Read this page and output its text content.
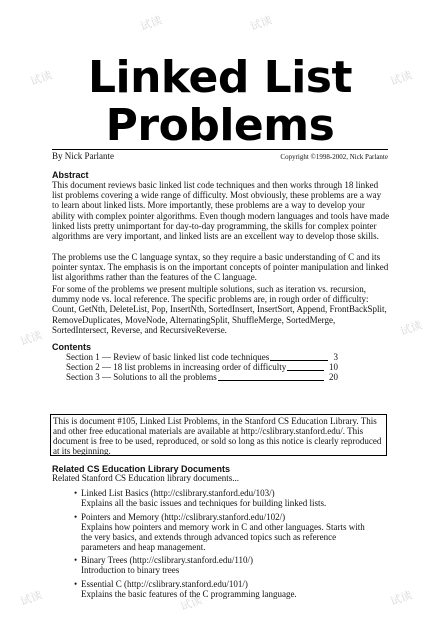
试读
试读	试读
试读
试读
试读
试读	试读	试读
Linked List
Problems
By Nick Parlante	Copyright ©1998-2002, Nick Parlante
Abstract
This document reviews basic linked list code techniques and then works through 18 linked list problems covering a wide range of difficulty. Most obviously, these problems are a way to learn about linked lists. More importantly, these problems are a way to develop your ability with complex pointer algorithms. Even though modern languages and tools have made linked lists pretty unimportant for day-to-day programming, the skills for complex pointer algorithms are very important, and linked lists are an excellent way to develop those skills.
The problems use the C language syntax, so they require a basic understanding of C and its pointer syntax. The emphasis is on the important concepts of pointer manipulation and linked list algorithms rather than the features of the C language.
For some of the problems we present multiple solutions, such as iteration vs. recursion, dummy node vs. local reference. The specific problems are, in rough order of difficulty: Count, GetNth, DeleteList, Pop, InsertNth, SortedInsert, InsertSort, Append, FrontBackSplit, RemoveDuplicates, MoveNode, AlternatingSplit, ShuffleMerge, SortedMerge, SortedIntersect, Reverse, and RecursiveReverse.
Contents
Section 1 — Review of basic linked list code techniques	3
Section 2 — 18 list problems in increasing order of difficulty	10
Section 3 — Solutions to all the problems	20
This is document #105, Linked List Problems, in the Stanford CS Education Library. This and other free educational materials are available at http://cslibrary.stanford.edu/. This document is free to be used, reproduced, or sold so long as this notice is clearly reproduced at its beginning.
Related CS Education Library Documents
Related Stanford CS Education library documents...
• Linked List Basics (http://cslibrary.stanford.edu/103/)
Explains all the basic issues and techniques for building linked lists.
• Pointers and Memory (http://cslibrary.stanford.edu/102/)
Explains how pointers and memory work in C and other languages. Starts with the very basics, and extends through advanced topics such as reference parameters and heap management.
• Binary Trees (http://cslibrary.stanford.edu/110/)
Introduction to binary trees
• Essential C (http://cslibrary.stanford.edu/101/)
Explains the basic features of the C programming language.
